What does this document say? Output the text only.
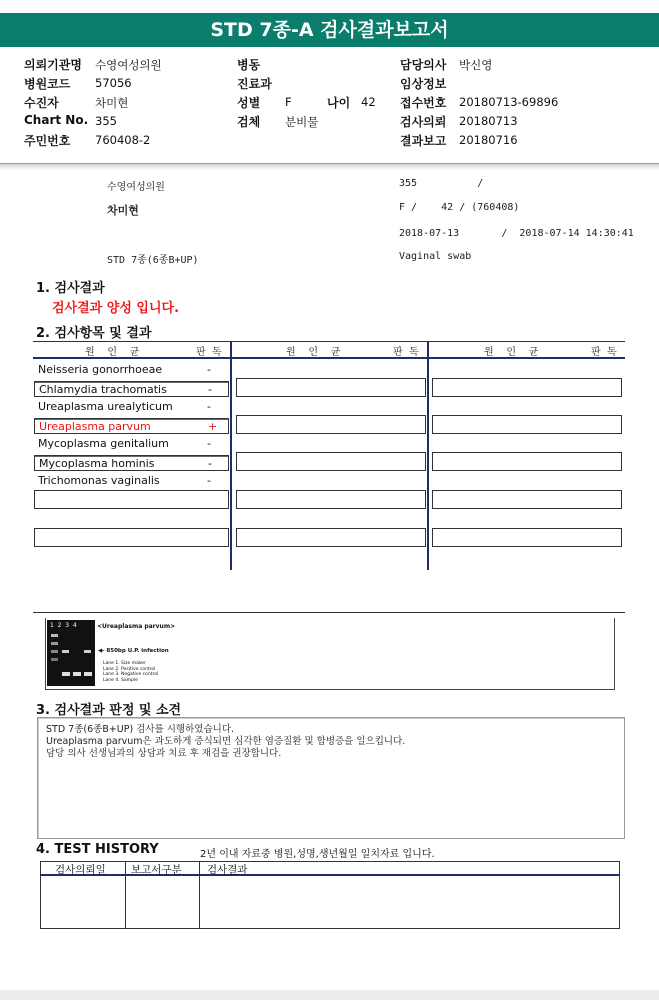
STD 7종-A 검사결과보고서
의뢰기관명 수영여성의원
병원코드 57056
수진자	차미현
Chart No. 355
주민번호 760408-2
병동
진료과
성별 F
검체 분비물
담당의사 박신영
임상정보
접수번호 20180713-69896
검사의뢰 20180713
결과보고 20180716
나이 42
수영여성의원	355          /
차미현	F /    42 / (760408)
2018-07-13       /  2018-07-14 14:30:41
STD 7종(6종B+UP)	Vaginal swab
1. 검사결과
검사결과 양성 입니다.
2. 검사항목 및 결과
원    인    균	판  독	원    인    균	판  독	원    인    균	판  독
Neisseria gonorrhoeae	-
Chlamydia trachomatis	-
Ureaplasma urealyticum	-
Ureaplasma parvum	+
Mycoplasma genitalium	-
Mycoplasma hominis	-
Trichomonas vaginalis	-
1  2  3  4	<Ureaplasma parvum>
◀- 850bp U.P. infection
Lane 1. Size maker
Lane 2. Positive control
Lane 3. Negative control
Lane 4. Sample
3. 검사결과 판정 및 소견
STD 7종(6종B+UP) 검사를 시행하였습니다.
Ureaplasma parvum은 과도하게 증식되면 심각한 염증질환 및 합병증을 일으킵니다.
담당 의사 선생님과의 상담과 치료 후 재검을 권장합니다.
4. TEST HISTORY	2년 이내 자료중 병원,성명,생년월일 일치자료 입니다.
검사의뢰일 보고서구분 검사결과
